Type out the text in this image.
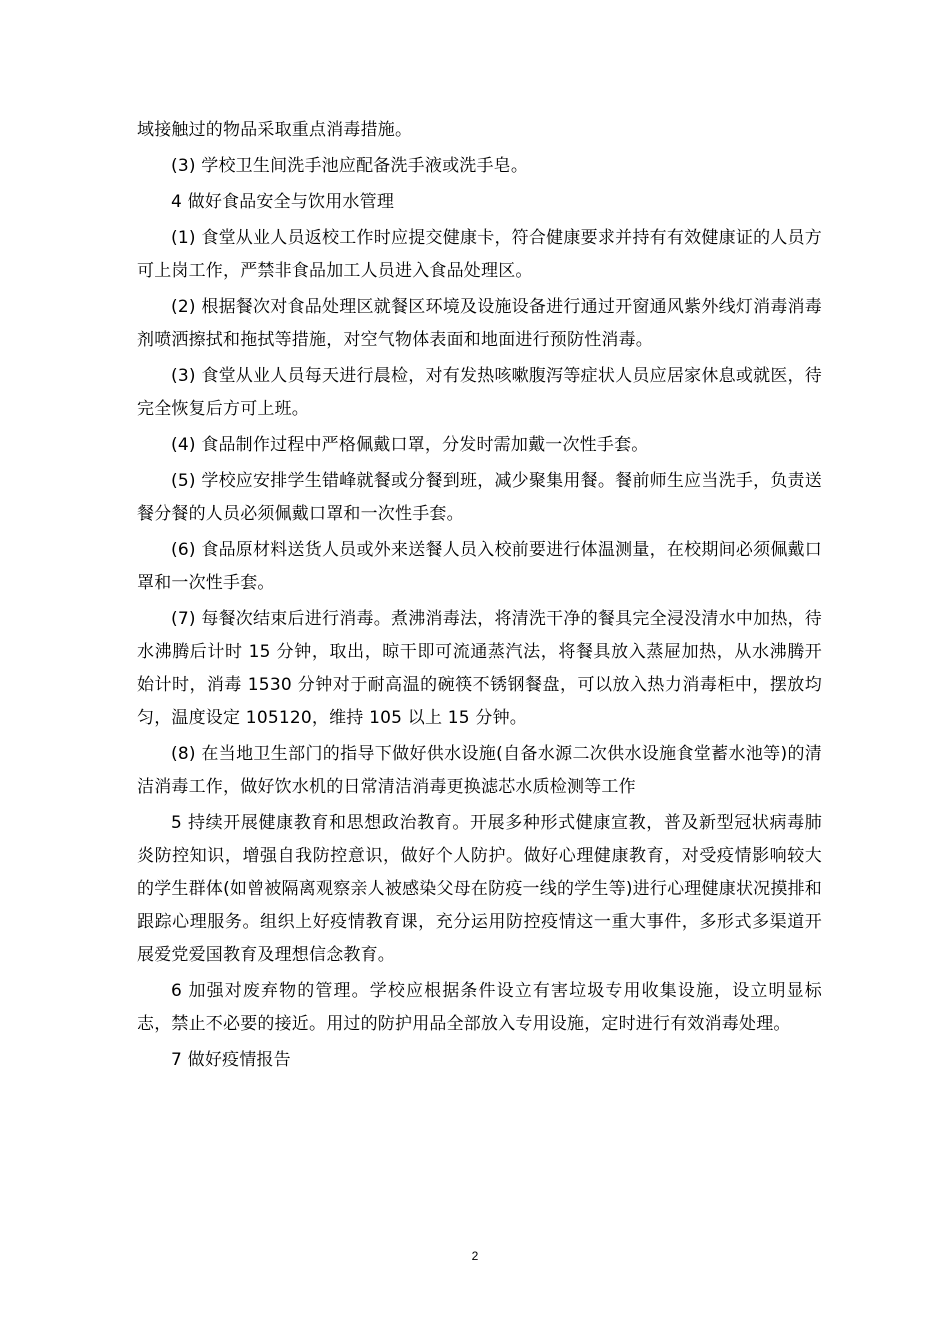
域接触过的物品采取重点消毒措施。

(3) 学校卫生间洗手池应配备洗手液或洗手皂。

4 做好食品安全与饮用水管理

(1) 食堂从业人员返校工作时应提交健康卡，符合健康要求并持有有效健康证的人员方可上岗工作，严禁非食品加工人员进入食品处理区。

(2) 根据餐次对食品处理区就餐区环境及设施设备进行通过开窗通风紫外线灯消毒消毒剂喷洒擦拭和拖拭等措施，对空气物体表面和地面进行预防性消毒。

(3) 食堂从业人员每天进行晨检，对有发热咳嗽腹泻等症状人员应居家休息或就医，待完全恢复后方可上班。

(4) 食品制作过程中严格佩戴口罩，分发时需加戴一次性手套。

(5) 学校应安排学生错峰就餐或分餐到班，减少聚集用餐。餐前师生应当洗手，负责送餐分餐的人员必须佩戴口罩和一次性手套。

(6) 食品原材料送货人员或外来送餐人员入校前要进行体温测量，在校期间必须佩戴口罩和一次性手套。

(7) 每餐次结束后进行消毒。煮沸消毒法，将清洗干净的餐具完全浸没清水中加热，待水沸腾后计时 15 分钟，取出，晾干即可流通蒸汽法，将餐具放入蒸屉加热，从水沸腾开始计时，消毒 1530 分钟对于耐高温的碗筷不锈钢餐盘，可以放入热力消毒柜中，摆放均匀，温度设定 105120，维持 105 以上 15 分钟。

(8) 在当地卫生部门的指导下做好供水设施(自备水源二次供水设施食堂蓄水池等)的清洁消毒工作，做好饮水机的日常清洁消毒更换滤芯水质检测等工作

5 持续开展健康教育和思想政治教育。开展多种形式健康宣教，普及新型冠状病毒肺炎防控知识，增强自我防控意识，做好个人防护。做好心理健康教育，对受疫情影响较大的学生群体(如曾被隔离观察亲人被感染父母在防疫一线的学生等)进行心理健康状况摸排和跟踪心理服务。组织上好疫情教育课，充分运用防控疫情这一重大事件，多形式多渠道开展爱党爱国教育及理想信念教育。

6 加强对废弃物的管理。学校应根据条件设立有害垃圾专用收集设施，设立明显标志，禁止不必要的接近。用过的防护用品全部放入专用设施，定时进行有效消毒处理。

7 做好疫情报告

2
